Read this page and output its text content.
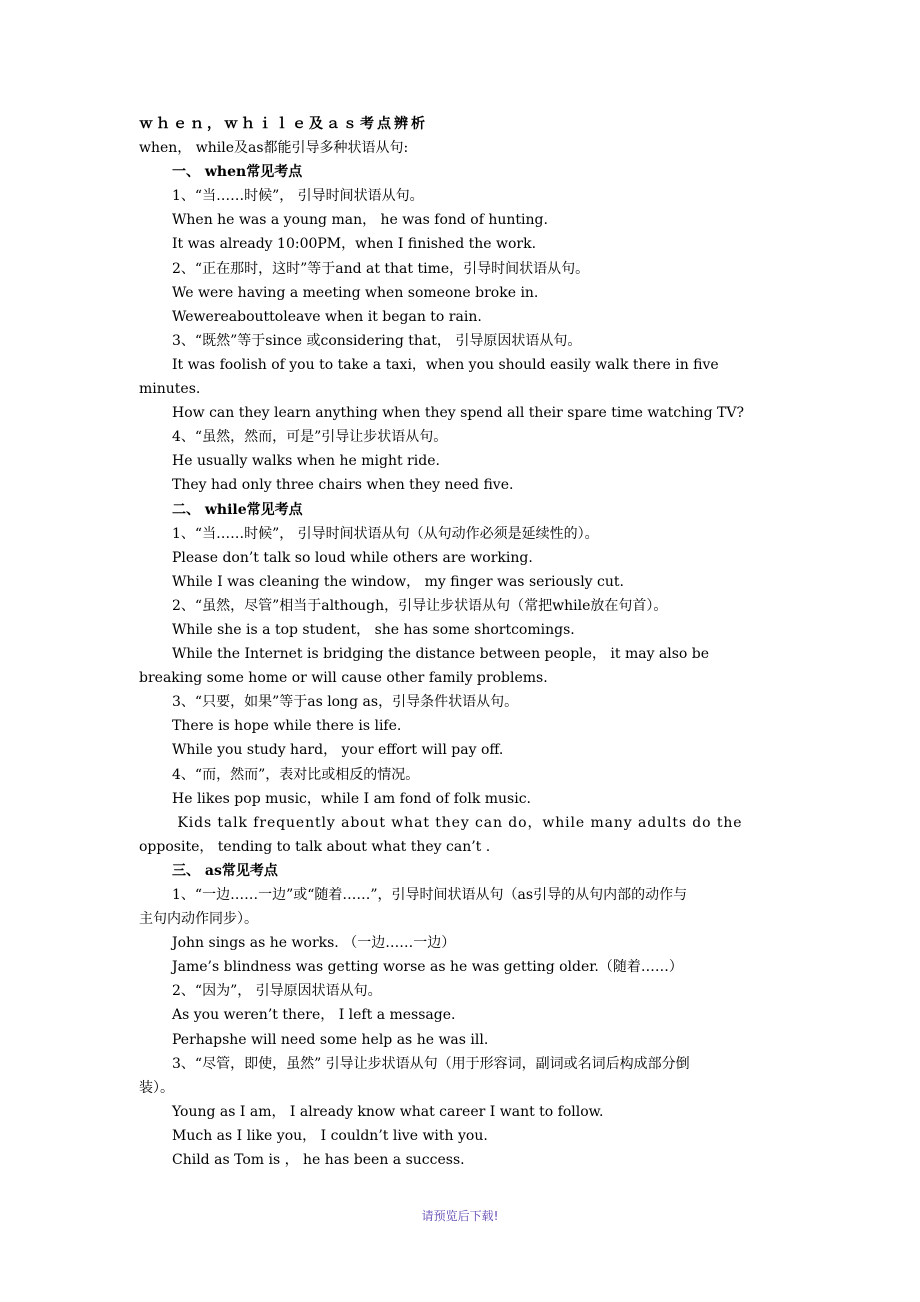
ｗｈｅｎ，ｗｈｉｌｅ及ａｓ考点辨析
when， while及as都能引导多种状语从句:
一、 when常见考点
1、“当……时候”， 引导时间状语从句。
When he was a young man， he was fond of hunting.
It was already 10:00PM，when I finished the work.
2、“正在那时，这时”等于and at that time，引导时间状语从句。
We were having a meeting when someone broke in.
Wewereabouttoleave when it began to rain.
3、“既然”等于since 或considering that， 引导原因状语从句。
It was foolish of you to take a taxi，when you should easily walk there in five
minutes.
How can they learn anything when they spend all their spare time watching TV?
4、“虽然，然而，可是”引导让步状语从句。
He usually walks when he might ride.
They had only three chairs when they need five.
二、 while常见考点
1、“当……时候”， 引导时间状语从句（从句动作必须是延续性的）。
Please don’t talk so loud while others are working.
While I was cleaning the window， my finger was seriously cut.
2、“虽然，尽管”相当于although，引导让步状语从句（常把while放在句首）。
While she is a top student， she has some shortcomings.
While the Internet is bridging the distance between people， it may also be
breaking some home or will cause other family problems.
3、“只要，如果”等于as long as，引导条件状语从句。
There is hope while there is life.
While you study hard， your effort will pay off.
4、“而，然而”，表对比或相反的情况。
He likes pop music，while I am fond of folk music.
Kids talk frequently about what they can do，while many adults do the
opposite， tending to talk about what they can’t .
三、 as常见考点
1、“一边……一边”或“随着……”，引导时间状语从句（as引导的从句内部的动作与
主句内动作同步）。
John sings as he works. （一边……一边）
Jame’s blindness was getting worse as he was getting older.（随着……）
2、“因为”， 引导原因状语从句。
As you weren’t there， I left a message.
Perhapshe will need some help as he was ill.
3、“尽管，即使，虽然” 引导让步状语从句（用于形容词，副词或名词后构成部分倒
装）。
Young as I am， I already know what career I want to follow.
Much as I like you， I couldn’t live with you.
Child as Tom is ， he has been a success.
请预览后下载!
